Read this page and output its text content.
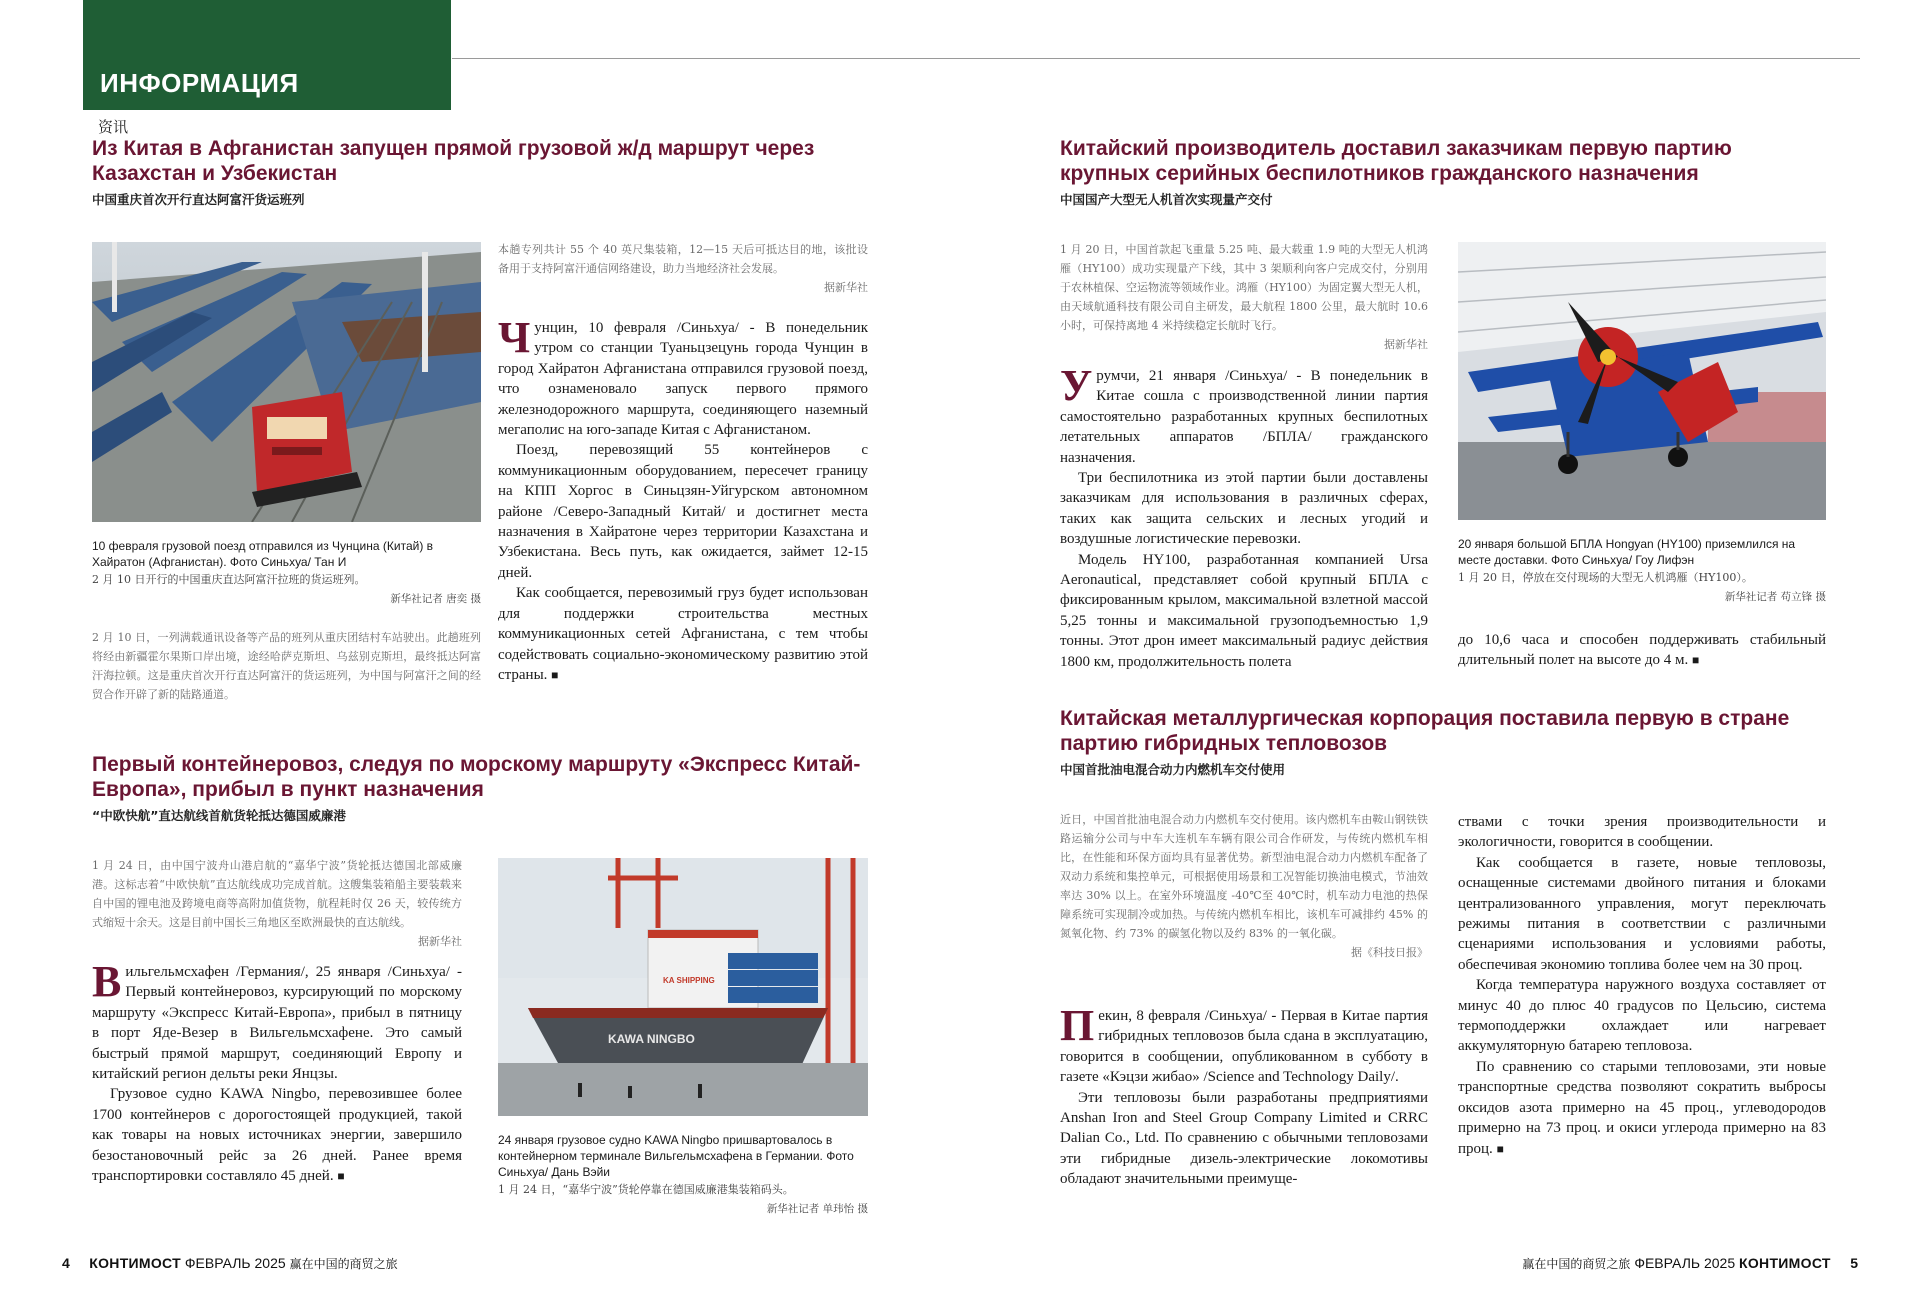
ИНФОРМАЦИЯ
资讯
Из Китая в Афганистан запущен прямой грузовой ж/д маршрут через Казахстан и Узбекистан
中国重庆首次开行直达阿富汗货运班列
10 февраля грузовой поезд отправился из Чунцина (Китай) в Хайратон (Афганистан). Фото Синьхуа/ Тан И
2 月 10 日开行的中国重庆直达阿富汗拉班的货运班列。
新华社记者 唐奕 摄
2 月 10 日，一列满载通讯设备等产品的班列从重庆团结村车站驶出。此趟班列将经由新疆霍尔果斯口岸出境，途经哈萨克斯坦、乌兹别克斯坦，最终抵达阿富汗海拉顿。这是重庆首次开行直达阿富汗的货运班列，为中国与阿富汗之间的经贸合作开辟了新的陆路通道。
本趟专列共计 55 个 40 英尺集装箱，12—15 天后可抵达目的地，该批设备用于支持阿富汗通信网络建设，助力当地经济社会发展。
据新华社

Чунцин, 10 февраля /Синьхуа/ - В понедельник утром со станции Туаньцзецунь города Чунцин в город Хайратон Афганистана отправился грузовой поезд, что ознаменовало запуск первого прямого железнодорожного маршрута, соединяющего наземный мегаполис на юго-западе Китая с Афганистаном.

Поезд, перевозящий 55 контейнеров с коммуникационным оборудованием, пересечет границу на КПП Хоргос в Синьцзян-Уйгурском автономном районе /Северо-Западный Китай/ и достигнет места назначения в Хайратоне через территории Казахстана и Узбекистана. Весь путь, как ожидается, займет 12-15 дней.

Как сообщается, перевозимый груз будет использован для поддержки строительства местных коммуникационных сетей Афганистана, с тем чтобы содействовать социально-экономическому развитию этой страны. ■

Первый контейнеровоз, следуя по морскому маршруту «Экспресс Китай-Европа», прибыл в пункт назначения
“中欧快航”直达航线首航货轮抵达德国威廉港
1 月 24 日，由中国宁波舟山港启航的“嘉华宁波”货轮抵达德国北部威廉港。这标志着“中欧快航”直达航线成功完成首航。这艘集装箱船主要装载来自中国的锂电池及跨境电商等高附加值货物，航程耗时仅 26 天，较传统方式缩短十余天。这是目前中国长三角地区至欧洲最快的直达航线。
据新华社

Вильгельмсхафен /Германия/, 25 января /Синьхуа/ - Первый контейнеровоз, курсирующий по морскому маршруту «Экспресс Китай-Европа», прибыл в пятницу в порт Яде-Везер в Вильгельмсхафене. Это самый быстрый прямой маршрут, соединяющий Европу и китайский регион дельты реки Янцзы.

Грузовое судно KAWA Ningbo, перевозившее более 1700 контейнеров с дорогостоящей продукцией, такой как товары на новых источниках энергии, завершило безостановочный рейс за 26 дней. Ранее время транспортировки составляло 45 дней. ■

KAWA NINGBO
KA SHIPPING
24 января грузовое судно KAWA Ningbo пришвартовалось в контейнерном терминале Вильгельмсхафена в Германии. Фото Синьхуа/ Дань Вэйи
1 月 24 日，“嘉华宁波”货轮停靠在德国威廉港集装箱码头。
新华社记者 单玮怡 摄
4 КОНТИМОСТ ФЕВРАЛЬ 2025 赢在中国的商贸之旅
Китайский производитель доставил заказчикам первую партию крупных серийных беспилотников гражданского назначения
中国国产大型无人机首次实现量产交付
1 月 20 日，中国首款起飞重量 5.25 吨、最大载重 1.9 吨的大型无人机鸿雁（HY100）成功实现量产下线，其中 3 架顺利向客户完成交付，分别用于农林植保、空运物流等领域作业。鸿雁（HY100）为固定翼大型无人机，由天域航通科技有限公司自主研发，最大航程 1800 公里，最大航时 10.6 小时，可保持离地 4 米持续稳定长航时飞行。
据新华社

Урумчи, 21 января /Синьхуа/ - В понедельник в Китае сошла с производственной линии партия самостоятельно разработанных крупных беспилотных летательных аппаратов /БПЛА/ гражданского назначения.

Три беспилотника из этой партии были доставлены заказчикам для использования в различных сферах, таких как защита сельских и лесных угодий и воздушные логистические перевозки.

Модель HY100, разработанная компанией Ursa Aeronautical, представляет собой крупный БПЛА с фиксированным крылом, максимальной взлетной массой 5,25 тонны и максимальной грузоподъемностью 1,9 тонны. Этот дрон имеет максимальный радиус действия 1800 км, продолжительность полета

20 января большой БПЛА Hongyan (HY100) приземлился на месте доставки. Фото Синьхуа/ Гоу Лифэн
1 月 20 日，停放在交付现场的大型无人机鸿雁（HY100）。
新华社记者 苟立锋 摄

до 10,6 часа и способен поддерживать стабильный длительный полет на высоте до 4 м. ■

Китайская металлургическая корпорация поставила первую в стране партию гибридных тепловозов
中国首批油电混合动力内燃机车交付使用
近日，中国首批油电混合动力内燃机车交付使用。该内燃机车由鞍山钢铁铁路运输分公司与中车大连机车车辆有限公司合作研发，与传统内燃机车相比，在性能和环保方面均具有显著优势。新型油电混合动力内燃机车配备了双动力系统和集控单元，可根据使用场景和工况智能切换油电模式，节油效率达 30% 以上。在室外环境温度 -40℃至 40℃时，机车动力电池的热保障系统可实现制冷或加热。与传统内燃机车相比，该机车可减排约 45% 的氮氧化物、约 73% 的碳氢化物以及约 83% 的一氧化碳。
据《科技日报》

Пекин, 8 февраля /Синьхуа/ - Первая в Китае партия гибридных тепловозов была сдана в эксплуатацию, говорится в сообщении, опубликованном в субботу в газете «Кэцзи жибао» /Science and Technology Daily/.

Эти тепловозы были разработаны предприятиями Anshan Iron and Steel Group Company Limited и CRRC Dalian Co., Ltd. По сравнению с обычными тепловозами эти гибридные дизель-электрические локомотивы обладают значительными преимуще-

ствами с точки зрения производительности и экологичности, говорится в сообщении.

Как сообщается в газете, новые тепловозы, оснащенные системами двойного питания и блоками централизованного управления, могут переключать режимы питания в соответствии с различными сценариями использования и условиями работы, обеспечивая экономию топлива более чем на 30 проц.

Когда температура наружного воздуха составляет от минус 40 до плюс 40 градусов по Цельсию, система термоподдержки охлаждает или нагревает аккумуляторную батарею тепловоза.

По сравнению со старыми тепловозами, эти новые транспортные средства позволяют сократить выбросы оксидов азота примерно на 45 проц., углеводородов примерно на 73 проц. и окиси углерода примерно на 83 проц. ■

赢在中国的商贸之旅 ФЕВРАЛЬ 2025 КОНТИМОСТ 5
